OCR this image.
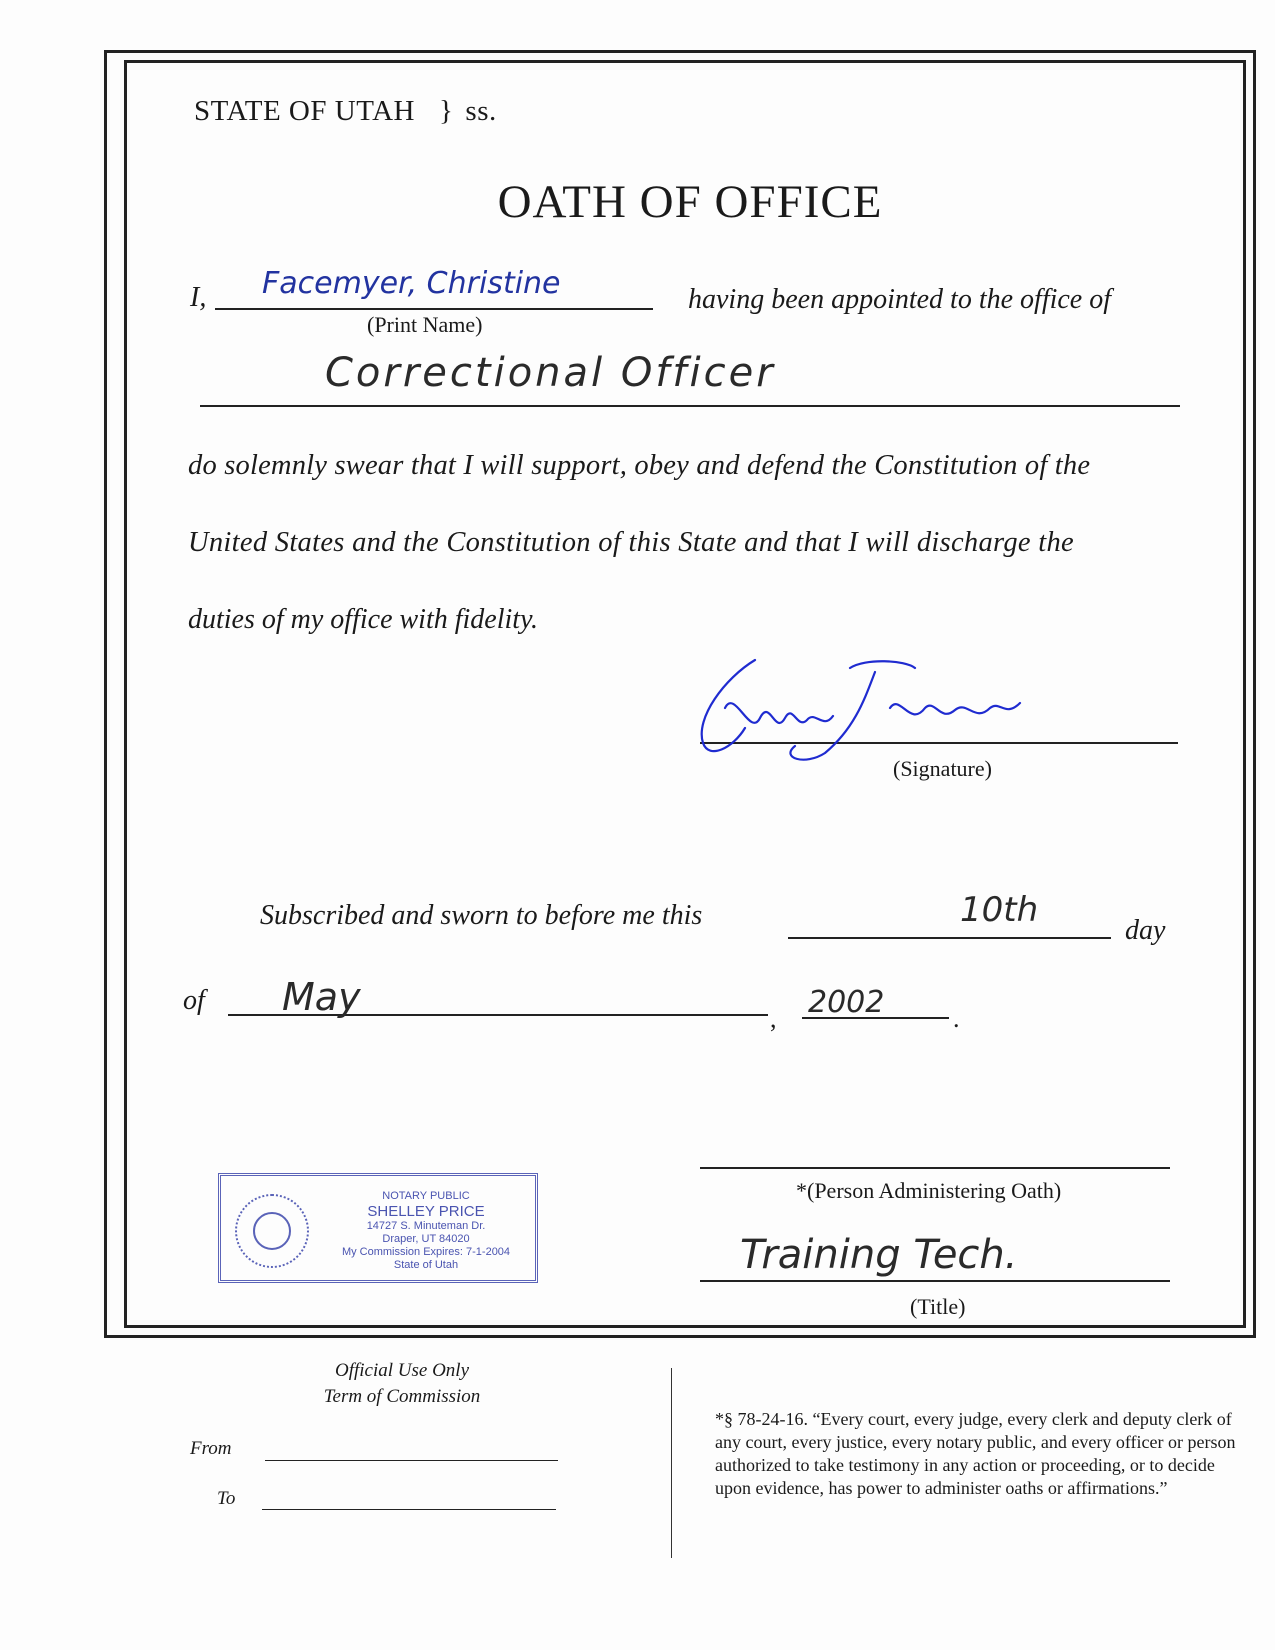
STATE OF UTAH } ss.
OATH OF OFFICE
I, Facemyer, Christine
(Print Name)
having been appointed to the office of
Correctional Officer
do solemnly swear that I will support, obey and defend the Constitution of the
United States and the Constitution of this State and that I will discharge the
duties of my office with fidelity.
(Signature)
Subscribed and sworn to before me this	10th
day
of May	, 2002	.
*(Person Administering Oath)
Training Tech.
(Title)
NOTARY PUBLIC
SHELLEY PRICE
14727 S. Minuteman Dr.
Draper, UT 84020
My Commission Expires: 7-1-2004
State of Utah
Official Use Only
Term of Commission
From
To
*§ 78-24-16. “Every court, every judge, every clerk and deputy clerk of any court, every justice, every notary public, and every officer or person authorized to take testimony in any action or proceeding, or to decide upon evidence, has power to administer oaths or affirmations.”
